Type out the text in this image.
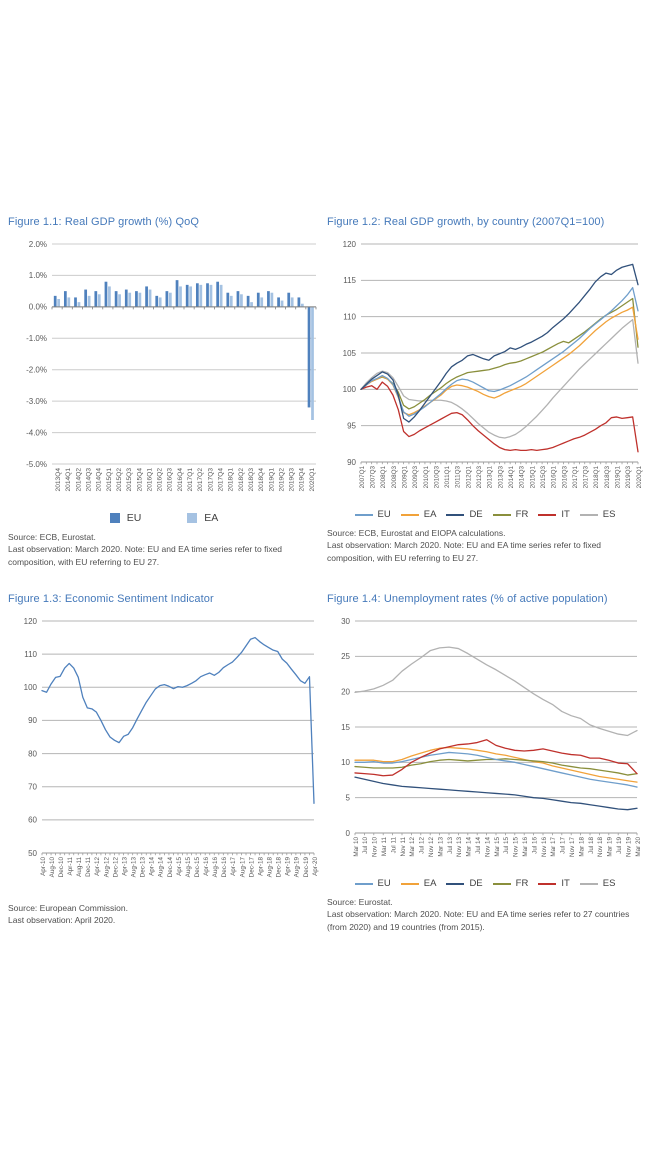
Figure 1.1: Real GDP growth (%) QoQ
2.0%
1.0%
0.0%
-1.0%
-2.0%
-3.0%
-4.0%
-5.0%
2013Q4 2014Q1 2014Q2 2014Q3 2014Q4 2015Q1 2015Q2 2015Q3 2015Q4 2016Q1 2016Q2 2016Q3 2016Q4 2017Q1 2017Q2 2017Q3 2017Q4 2018Q1 2018Q2 2018Q3 2018Q4 2019Q1 2019Q2 2019Q3 2019Q4 2020Q1
EU	EA

Source: ECB, Eurostat.
Last observation: March 2020. Note: EU and EA time series refer to fixed composition, with EU referring to EU 27.

Figure 1.2: Real GDP growth, by country (2007Q1=100)
120
115
110
105
100
95
90
2007Q1 2007Q3 2008Q1 2008Q3 2009Q1 2009Q3 2010Q1 2010Q3 2011Q1 2011Q3 2012Q1 2012Q3 2013Q1 2013Q3 2014Q1 2014Q3 2015Q1 2015Q3 2016Q1 2016Q3 2017Q1 2017Q3 2018Q1 2018Q3 2019Q1 2019Q3 2020Q1
EU	EA	DE	FR	IT	ES

Source: ECB, Eurostat and EIOPA calculations.
Last observation: March 2020. Note: EU and EA time series refer to fixed composition, with EU referring to EU 27.

Figure 1.3: Economic Sentiment Indicator
120
110
100
90
80
70
60
50
Apr-10 Aug-10 Dec-10 Apr-11 Aug-11 Dec-11 Apr-12 Aug-12 Dec-12 Apr-13 Aug-13 Dec-13 Apr-14 Aug-14 Dec-14 Apr-15 Aug-15 Dec-15 Apr-16 Aug-16 Dec-16 Apr-17 Aug-17 Dec-17 Apr-18 Aug-18 Dec-18 Apr-19 Aug-19 Dec-19 Apr-20

Source: European Commission.
Last observation: April 2020.

Figure 1.4: Unemployment rates (% of active population)
30
25
20
15
10
5
0
Mar 10 Jul 10 Nov 10 Mar 11 Jul 11 Nov 11 Mar 12 Jul 12 Nov 12 Mar 13 Jul 13 Nov 13 Mar 14 Jul 14 Nov 14 Mar 15 Jul 15 Nov 15 Mar 16 Jul 16 Nov 16 Mar 17 Jul 17 Nov 17 Mar 18 Jul 18 Nov 18 Mar 19 Jul 19 Nov 19 Mar 20
EU	EA	DE	FR	IT	ES

Source: Eurostat.
Last observation: March 2020. Note: EU and EA time series refer to 27 countries (from 2020) and 19 countries (from 2015).
